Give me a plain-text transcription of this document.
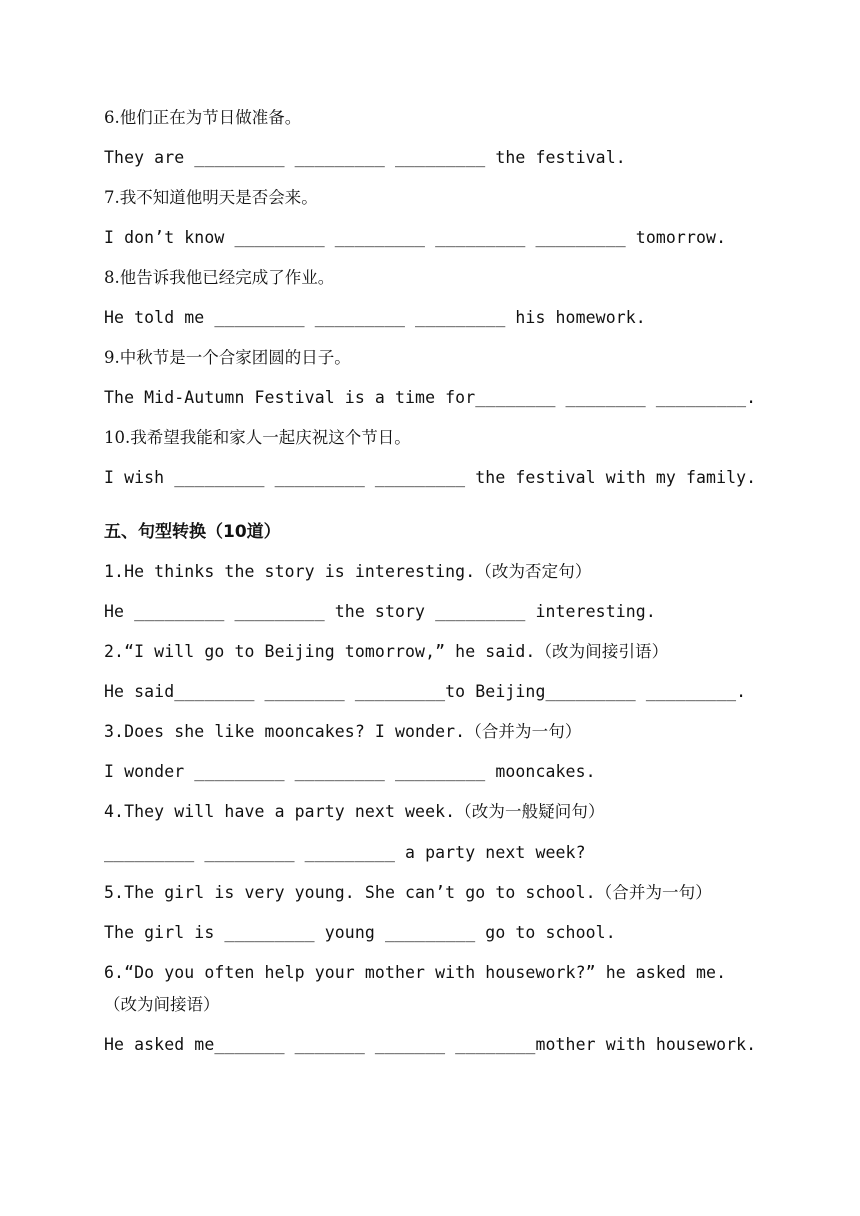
6.他们正在为节日做准备。
They are _________ _________ _________ the festival.
7.我不知道他明天是否会来。
I don’t know _________ _________ _________ _________ tomorrow.
8.他告诉我他已经完成了作业。
He told me _________ _________ _________ his homework.
9.中秋节是一个合家团圆的日子。
The Mid-Autumn Festival is a time for________ ________ _________.
10.我希望我能和家人一起庆祝这个节日。
I wish _________ _________ _________ the festival with my family.
五、句型转换（10道）
1.He thinks the story is interesting.（改为否定句）
He _________ _________ the story _________ interesting.
2.“I will go to Beijing tomorrow,” he said.（改为间接引语）
He said________ ________ _________to Beijing_________ _________.
3.Does she like mooncakes? I wonder.（合并为一句）
I wonder _________ _________ _________ mooncakes.
4.They will have a party next week.（改为一般疑问句）
_________ _________ _________ a party next week?
5.The girl is very young. She can’t go to school.（合并为一句）
The girl is _________ young _________ go to school.
6.“Do you often help your mother with housework?” he asked me.
（改为间接语）
He asked me_______ _______ _______ ________mother with housework.
